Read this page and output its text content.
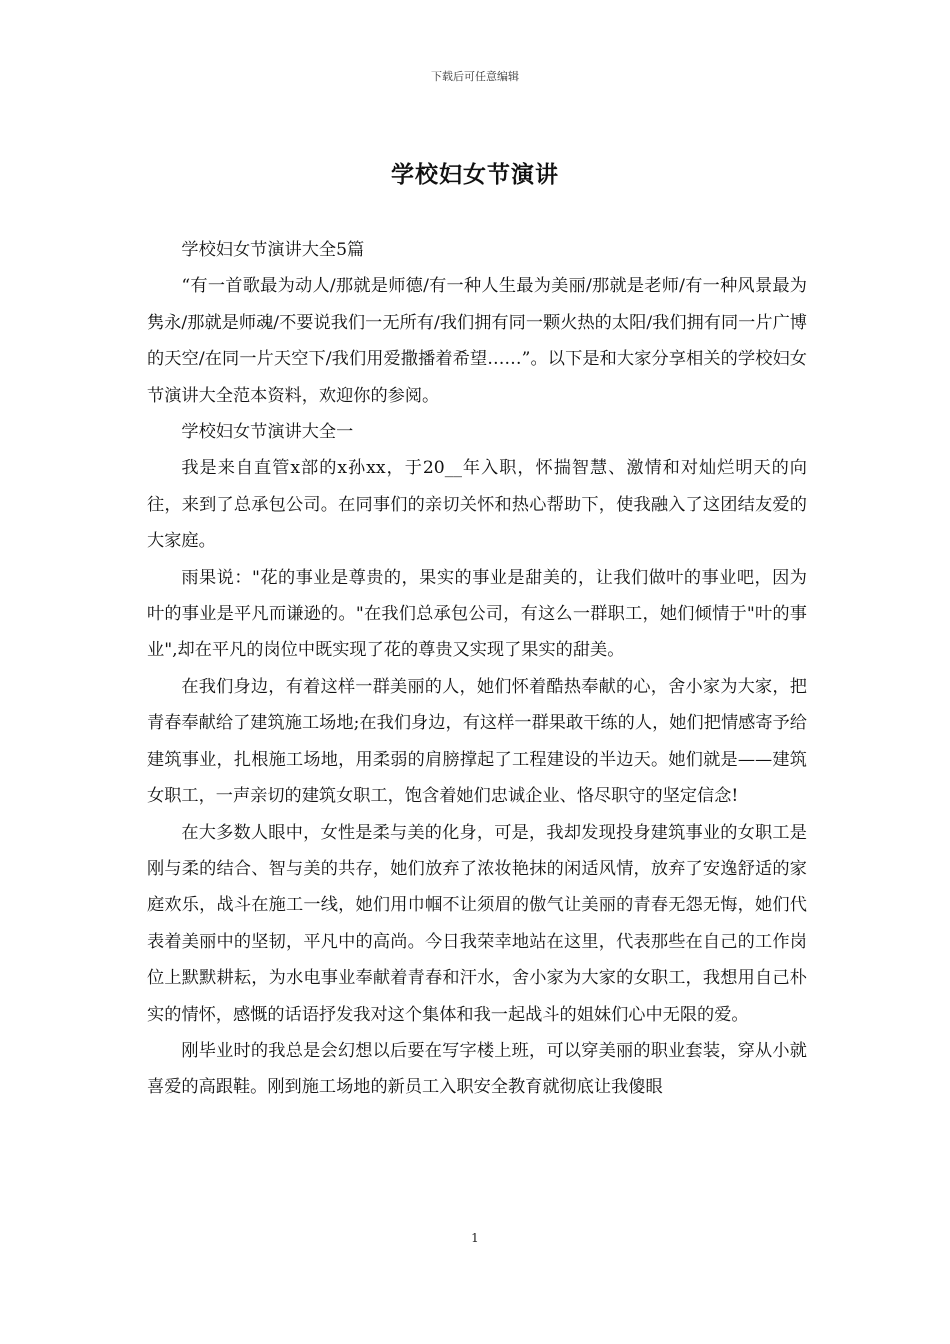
下载后可任意编辑
学校妇女节演讲

学校妇女节演讲大全5篇

“有一首歌最为动人/那就是师德/有一种人生最为美丽/那就是老师/有一种风景最为隽永/那就是师魂/不要说我们一无所有/我们拥有同一颗火热的太阳/我们拥有同一片广博的天空/在同一片天空下/我们用爱撒播着希望……”。以下是和大家分享相关的学校妇女节演讲大全范本资料，欢迎你的参阅。

学校妇女节演讲大全一

我是来自直管x部的x孙xx，于20__年入职，怀揣智慧、激情和对灿烂明天的向往，来到了总承包公司。在同事们的亲切关怀和热心帮助下，使我融入了这团结友爱的大家庭。

雨果说："花的事业是尊贵的，果实的事业是甜美的，让我们做叶的事业吧，因为叶的事业是平凡而谦逊的。"在我们总承包公司，有这么一群职工，她们倾情于"叶的事业",却在平凡的岗位中既实现了花的尊贵又实现了果实的甜美。

在我们身边，有着这样一群美丽的人，她们怀着酷热奉献的心，舍小家为大家，把青春奉献给了建筑施工场地;在我们身边，有这样一群果敢干练的人，她们把情感寄予给建筑事业，扎根施工场地，用柔弱的肩膀撑起了工程建设的半边天。她们就是——建筑女职工，一声亲切的建筑女职工，饱含着她们忠诚企业、恪尽职守的坚定信念!

在大多数人眼中，女性是柔与美的化身，可是，我却发现投身建筑事业的女职工是刚与柔的结合、智与美的共存，她们放弃了浓妆艳抹的闲适风情，放弃了安逸舒适的家庭欢乐，战斗在施工一线，她们用巾帼不让须眉的傲气让美丽的青春无怨无悔，她们代表着美丽中的坚韧，平凡中的高尚。今日我荣幸地站在这里，代表那些在自己的工作岗位上默默耕耘，为水电事业奉献着青春和汗水，舍小家为大家的女职工，我想用自己朴实的情怀，感慨的话语抒发我对这个集体和我一起战斗的姐妹们心中无限的爱。

刚毕业时的我总是会幻想以后要在写字楼上班，可以穿美丽的职业套装，穿从小就喜爱的高跟鞋。刚到施工场地的新员工入职安全教育就彻底让我傻眼

1
